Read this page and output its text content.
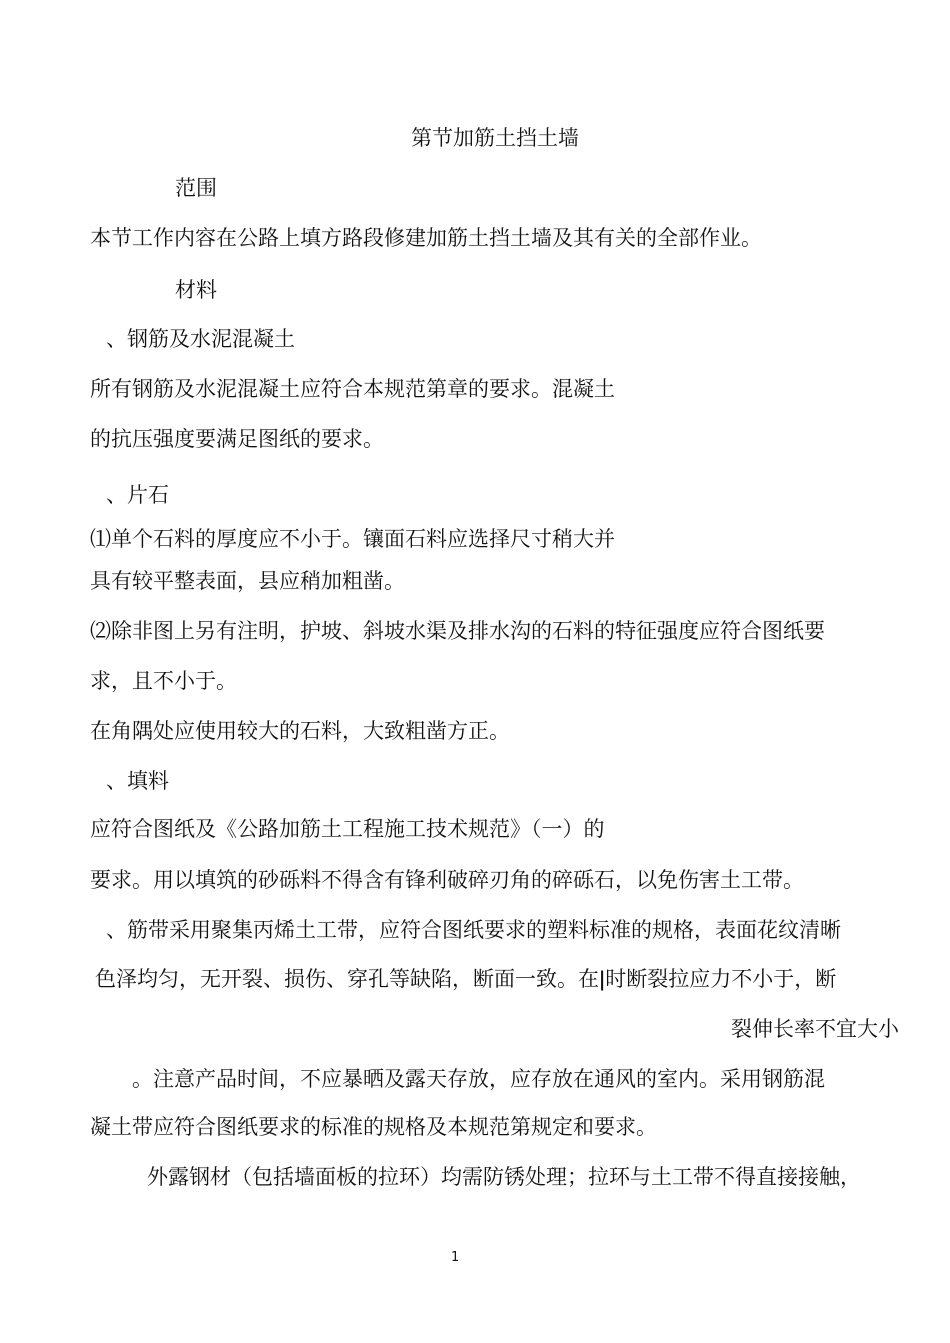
第节加筋土挡土墙
范围
本节工作内容在公路上填方路段修建加筋土挡土墙及其有关的全部作业。
材料
、钢筋及水泥混凝土
所有钢筋及水泥混凝土应符合本规范第章的要求。混凝土
的抗压强度要满足图纸的要求。
、片石
⑴单个石料的厚度应不小于。镶面石料应选择尺寸稍大并
具有较平整表面，县应稍加粗凿。
⑵除非图上另有注明，护坡、斜坡水渠及排水沟的石料的特征强度应符合图纸要
求，且不小于。
在角隅处应使用较大的石料，大致粗凿方正。
、填料
应符合图纸及《公路加筋土工程施工技术规范》（一）的
要求。用以填筑的砂砾料不得含有锋利破碎刃角的碎砾石，以免伤害土工带。
、筋带采用聚集丙烯土工带，应符合图纸要求的塑料标准的规格，表面花纹清晰
色泽均匀，无开裂、损伤、穿孔等缺陷，断面一致。在ǀ时断裂拉应力不小于，断
裂伸长率不宜大小
。注意产品时间，不应暴晒及露天存放，应存放在通风的室内。采用钢筋混
凝土带应符合图纸要求的标准的规格及本规范第规定和要求。
外露钢材（包括墙面板的拉环）均需防锈处理；拉环与土工带不得直接接触，
1
